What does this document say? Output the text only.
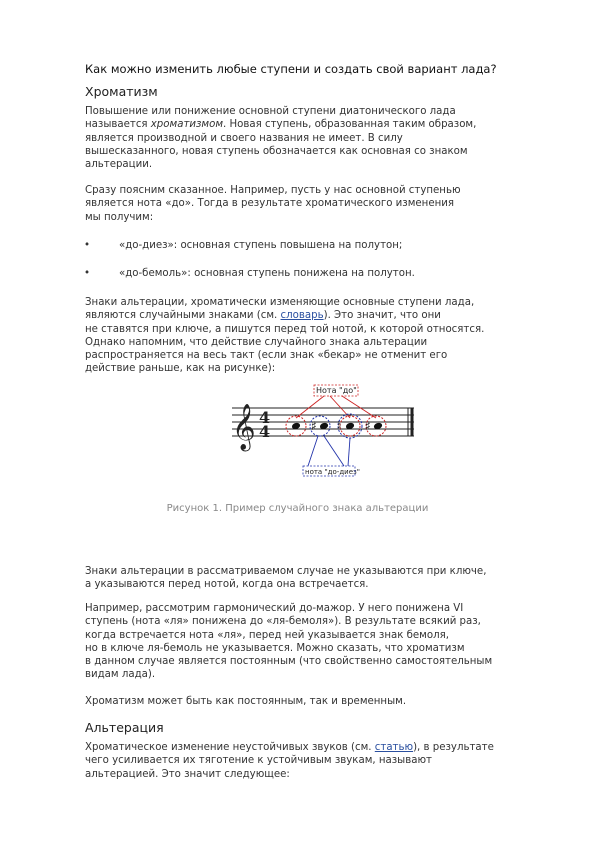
Как можно изменить любые ступени и создать свой вариант лада?

Хроматизм

Повышение или понижение основной ступени диатонического лада
называется хроматизмом. Новая ступень, образованная таким образом,
является производной и своего названия не имеет. В силу
вышесказанного, новая ступень обозначается как основная со знаком
альтерации.
Сразу поясним сказанное. Например, пусть у нас основной ступенью
является нота «до». Тогда в результате хроматического изменения
мы получим:
•	«до-диез»: основная ступень повышена на полутон;
•	«до-бемоль»: основная ступень понижена на полутон.
Знаки альтерации, хроматически изменяющие основные ступени лада,
являются случайными знаками (см. словарь). Это значит, что они
не ставятся при ключе, а пишутся перед той нотой, к которой относятся.
Однако напомним, что действие случайного знака альтерации
распространяется на весь такт (если знак «бекар» не отменит его
действие раньше, как на рисунке):
𝄞 4
4
Нота "до"
♯ ♮ ♯
нота "до-диез"

Рисунок 1. Пример случайного знака альтерации

Знаки альтерации в рассматриваемом случае не указываются при ключе,
а указываются перед нотой, когда она встречается.
Например, рассмотрим гармонический до-мажор. У него понижена VI
ступень (нота «ля» понижена до «ля-бемоля»). В результате всякий раз,
когда встречается нота «ля», перед ней указывается знак бемоля,
но в ключе ля-бемоль не указывается. Можно сказать, что хроматизм
в данном случае является постоянным (что свойственно самостоятельным
видам лада).

Хроматизм может быть как постоянным, так и временным.

Альтерация

Хроматическое изменение неустойчивых звуков (см. статью), в результате
чего усиливается их тяготение к устойчивым звукам, называют
альтерацией. Это значит следующее:
